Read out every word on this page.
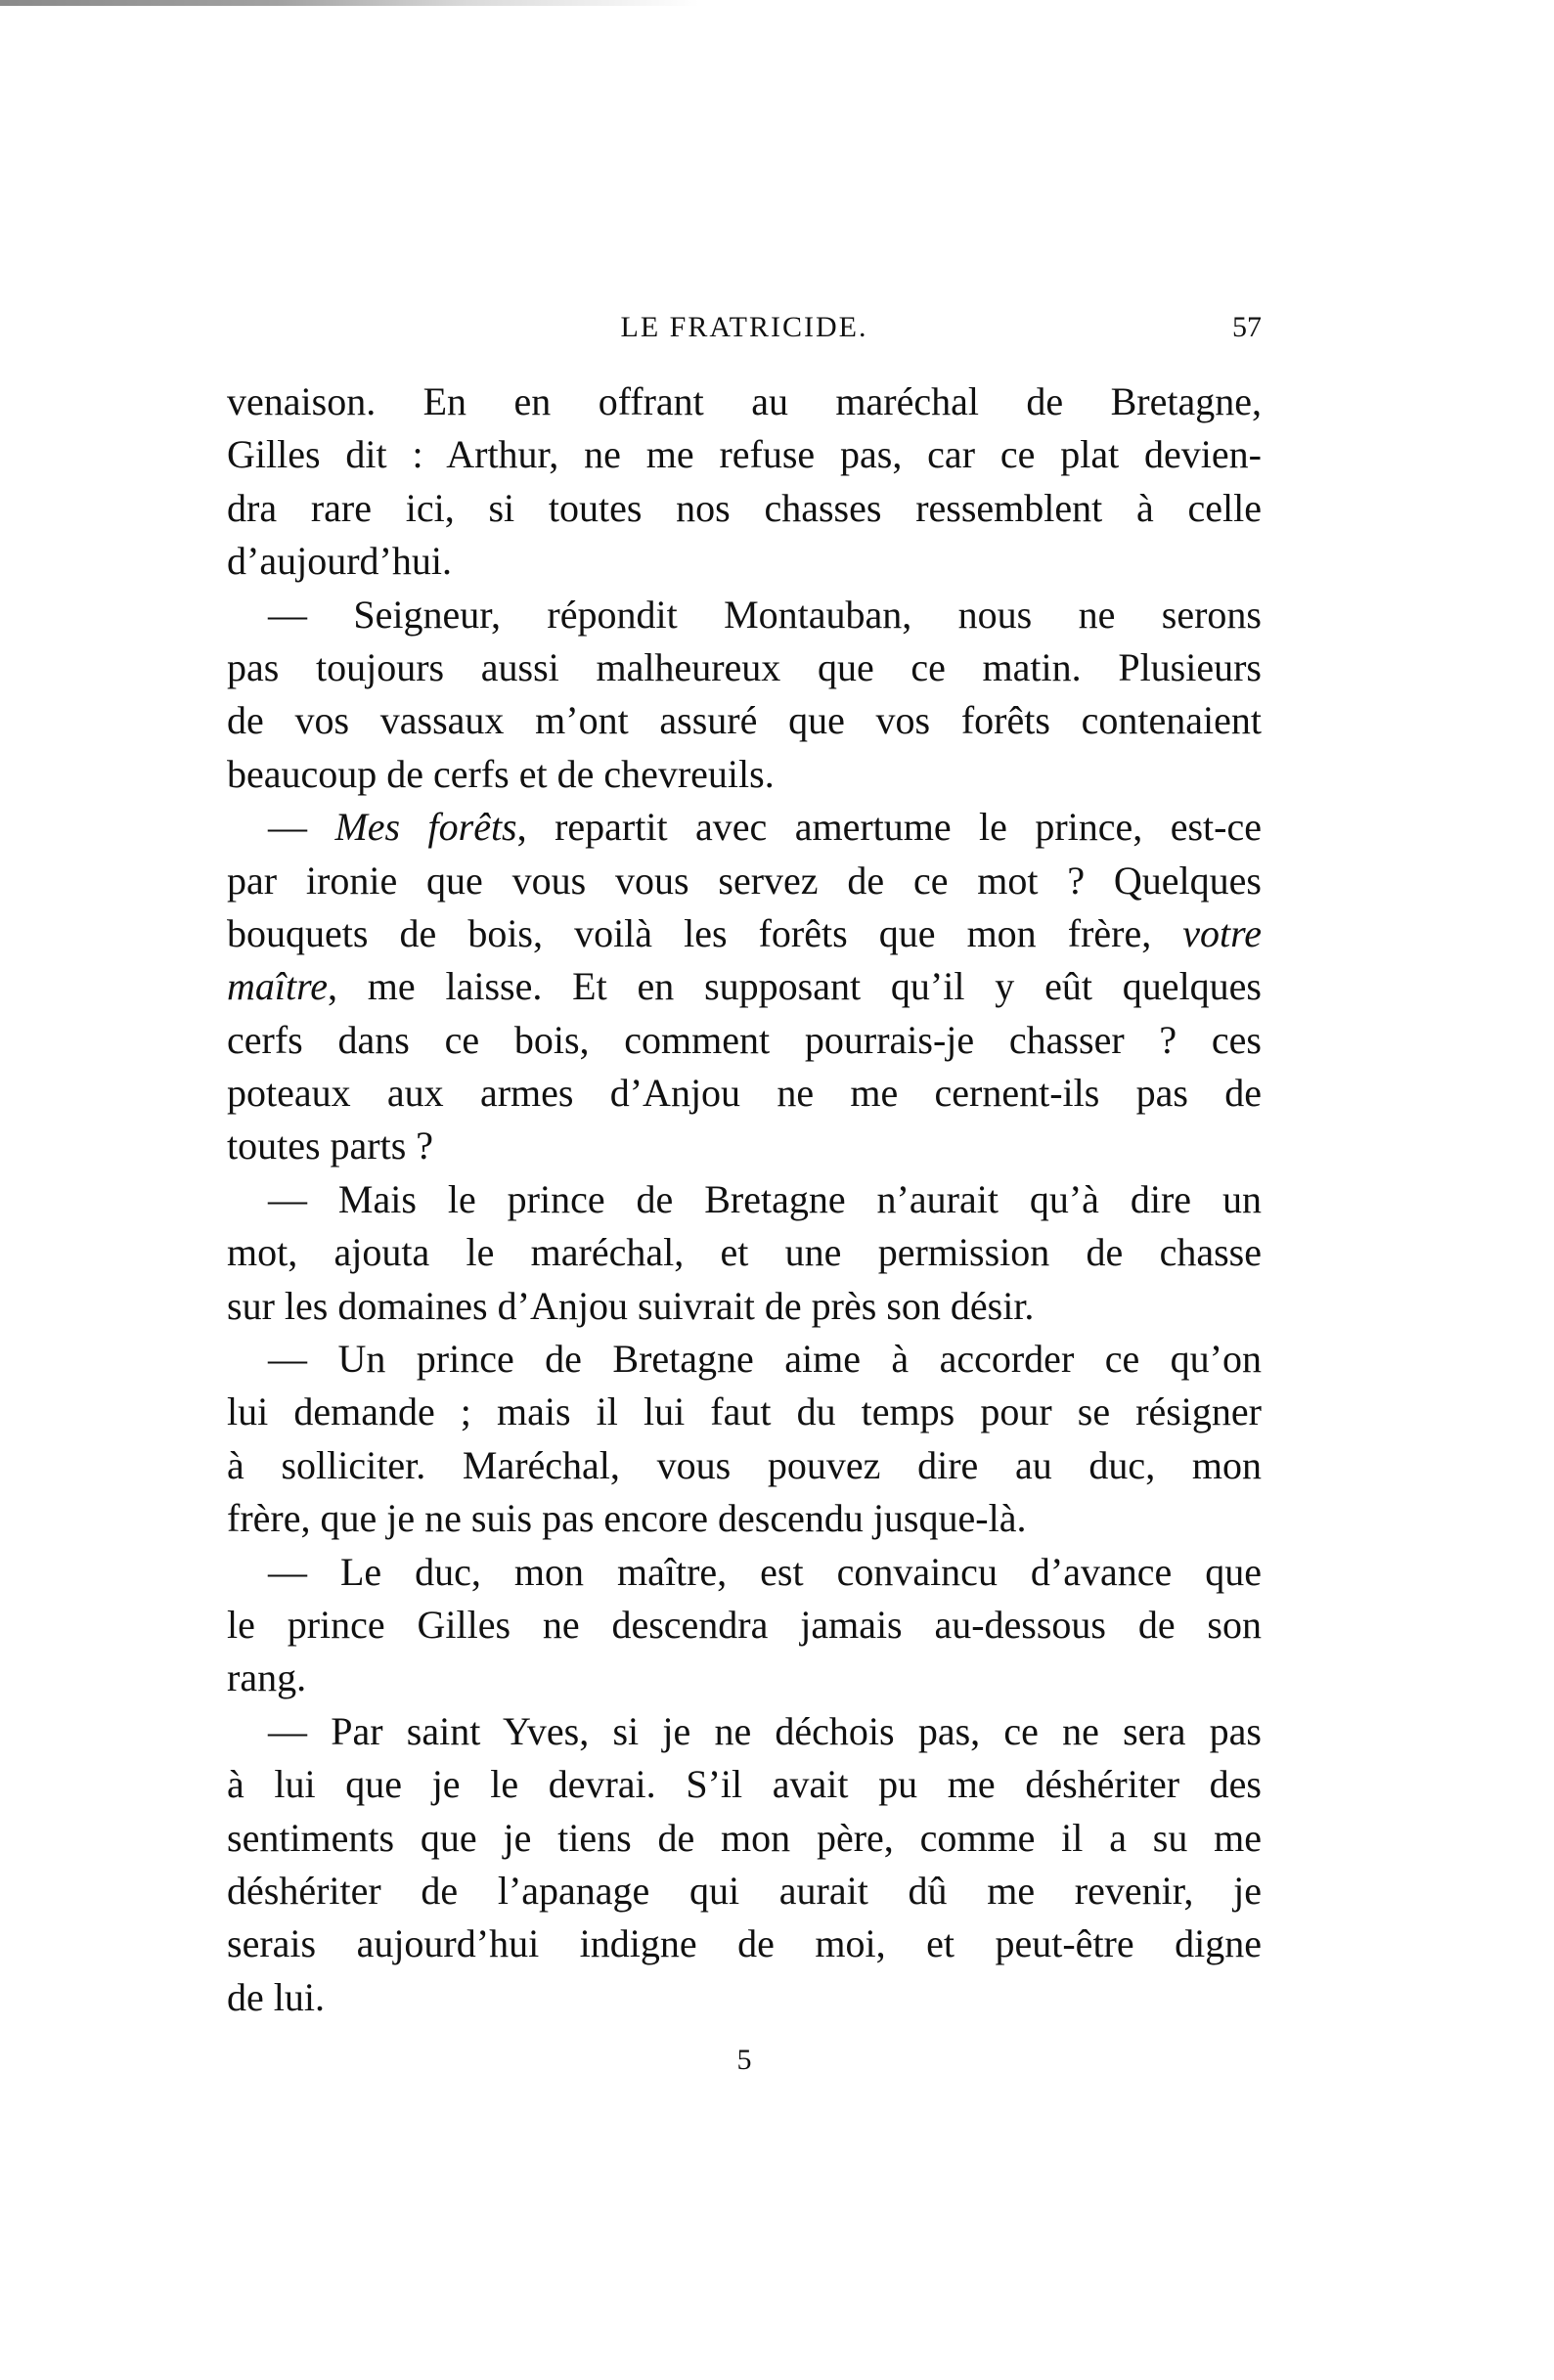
LE FRATRICIDE.	57
venaison. En en offrant au maréchal de Bretagne,
Gilles dit : Arthur, ne me refuse pas, car ce plat devien-
dra rare ici, si toutes nos chasses ressemblent à celle
d’aujourd’hui.
— Seigneur, répondit Montauban, nous ne serons
pas toujours aussi malheureux que ce matin. Plusieurs
de vos vassaux m’ont assuré que vos forêts contenaient
beaucoup de cerfs et de chevreuils.
— Mes forêts, repartit avec amertume le prince, est-ce
par ironie que vous vous servez de ce mot ? Quelques
bouquets de bois, voilà les forêts que mon frère, votre
maître, me laisse. Et en supposant qu’il y eût quelques
cerfs dans ce bois, comment pourrais-je chasser ? ces
poteaux aux armes d’Anjou ne me cernent-ils pas de
toutes parts ?
— Mais le prince de Bretagne n’aurait qu’à dire un
mot, ajouta le maréchal, et une permission de chasse
sur les domaines d’Anjou suivrait de près son désir.
— Un prince de Bretagne aime à accorder ce qu’on
lui demande ; mais il lui faut du temps pour se résigner
à solliciter. Maréchal, vous pouvez dire au duc, mon
frère, que je ne suis pas encore descendu jusque-là.
— Le duc, mon maître, est convaincu d’avance que
le prince Gilles ne descendra jamais au-dessous de son
rang.
— Par saint Yves, si je ne déchois pas, ce ne sera pas
à lui que je le devrai. S’il avait pu me déshériter des
sentiments que je tiens de mon père, comme il a su me
déshériter de l’apanage qui aurait dû me revenir, je
serais aujourd’hui indigne de moi, et peut-être digne
de lui.
5
